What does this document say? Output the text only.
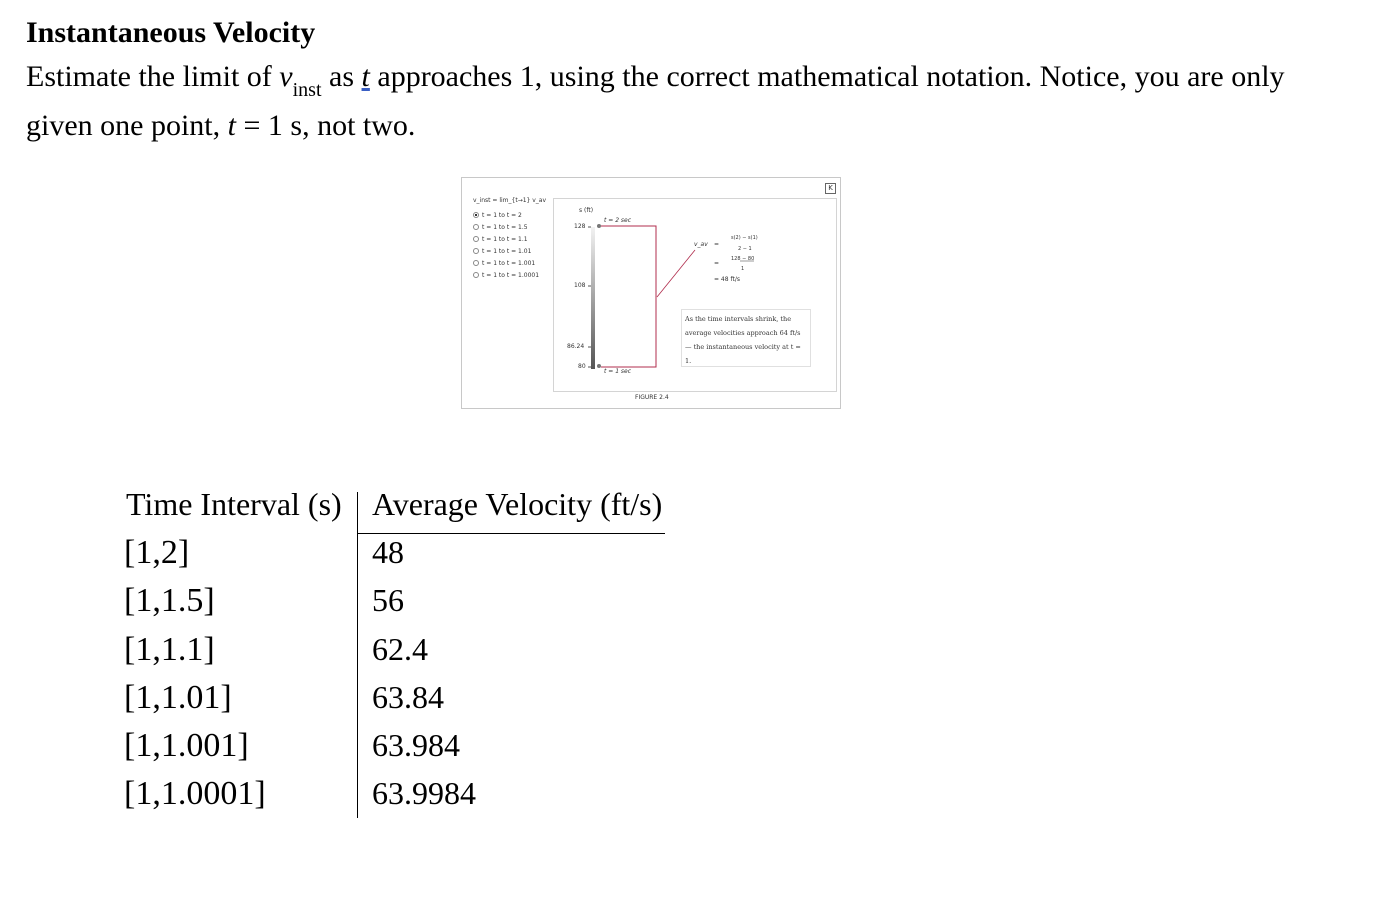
Instantaneous Velocity
Estimate the limit of $v_{inst}$ as t approaches 1, using the correct mathematical notation. Notice, you are only given one point, t = 1 s, not two.
K
v_inst = lim_{t→1} v_av
t = 1 to t = 2
t = 1 to t = 1.5
t = 1 to t = 1.1
t = 1 to t = 1.01
t = 1 to t = 1.001
t = 1 to t = 1.0001
s (ft)
128
108
86.24
80
t = 2 sec
t = 1 sec
v_av =
s(2) − s(1)
2 − 1
=
128 − 80
1
= 48 ft/s
As the time intervals shrink, the average velocities approach 64 ft/s — the instantaneous velocity at t = 1.
FIGURE 2.4
Time Interval (s) Average Velocity (ft/s)
[1,2]	48
[1,1.5]	56
[1,1.1]	62.4
[1,1.01]	63.84
[1,1.001]	63.984
[1,1.0001]	63.9984
